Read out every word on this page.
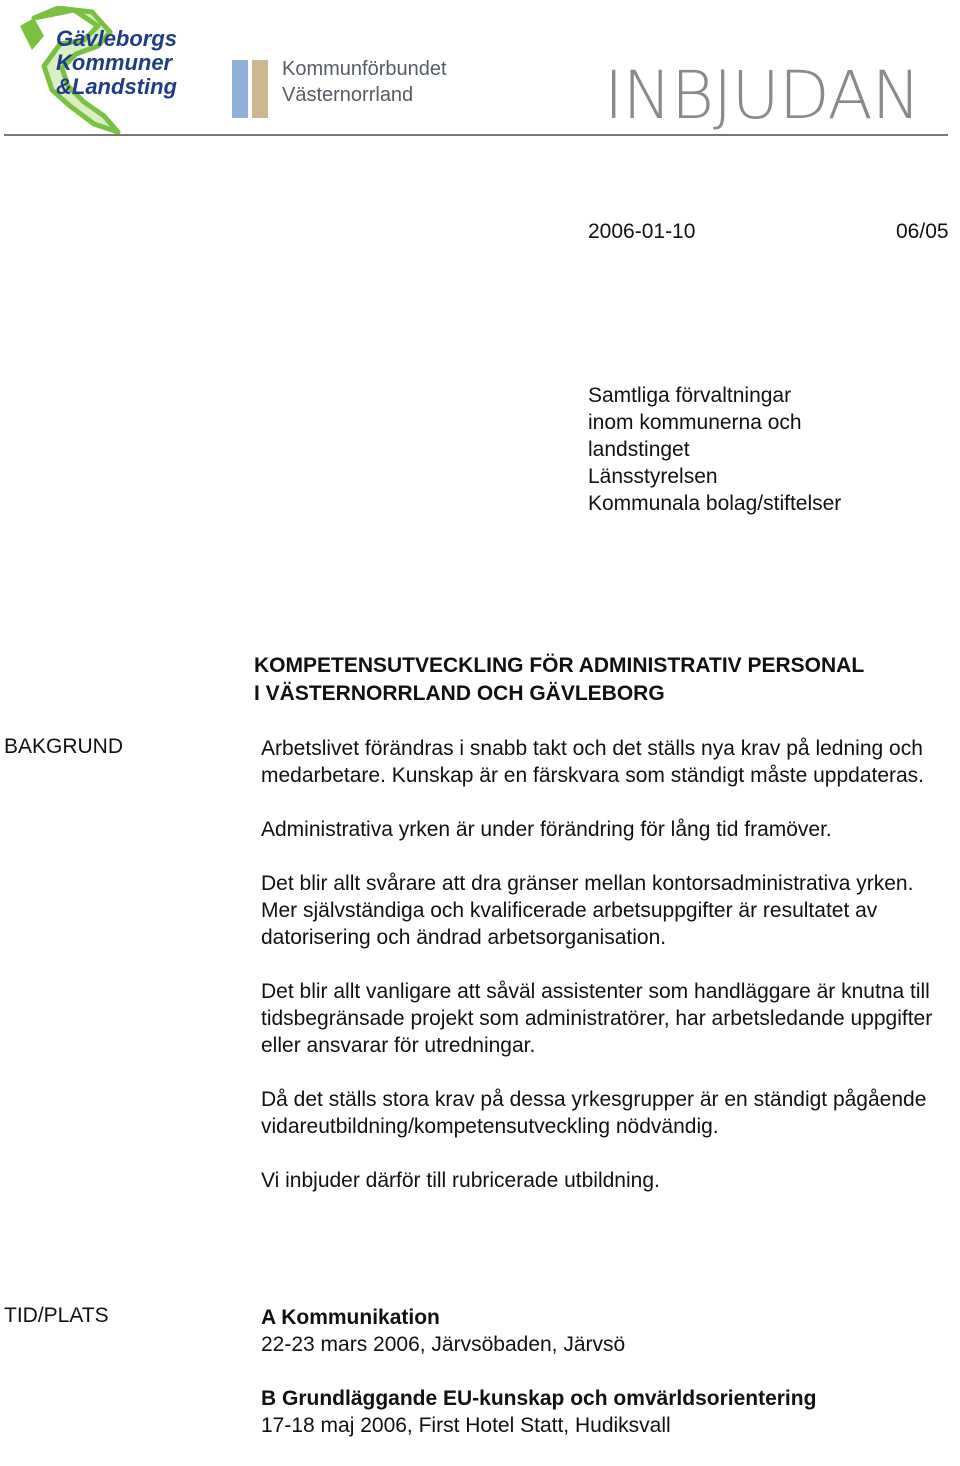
Gävleborgs
Kommuner
&Landsting
Kommunförbundet
Västernorrland	INBJUDAN
2006-01-10	06/05
Samtliga förvaltningar
inom kommunerna och
landstinget
Länsstyrelsen
Kommunala bolag/stiftelser
KOMPETENSUTVECKLING FÖR ADMINISTRATIV PERSONAL
I VÄSTERNORRLAND OCH GÄVLEBORG
BAKGRUND	Arbetslivet förändras i snabb takt och det ställs nya krav på ledning och medarbetare. Kunskap är en färskvara som ständigt måste uppdateras.

Administrativa yrken är under förändring för lång tid framöver.

Det blir allt svårare att dra gränser mellan kontorsadministrativa yrken. Mer självständiga och kvalificerade arbetsuppgifter är resultatet av datorisering och ändrad arbetsorganisation.

Det blir allt vanligare att såväl assistenter som handläggare är knutna till tidsbegränsade projekt som administratörer, har arbetsledande uppgifter eller ansvarar för utredningar.

Då det ställs stora krav på dessa yrkesgrupper är en ständigt pågående vidareutbildning/kompetensutveckling nödvändig.

Vi inbjuder därför till rubricerade utbildning.

TID/PLATS	A Kommunikation
22-23 mars 2006, Järvsöbaden, Järvsö
B Grundläggande EU-kunskap och omvärldsorientering
17-18 maj 2006, First Hotel Statt, Hudiksvall
